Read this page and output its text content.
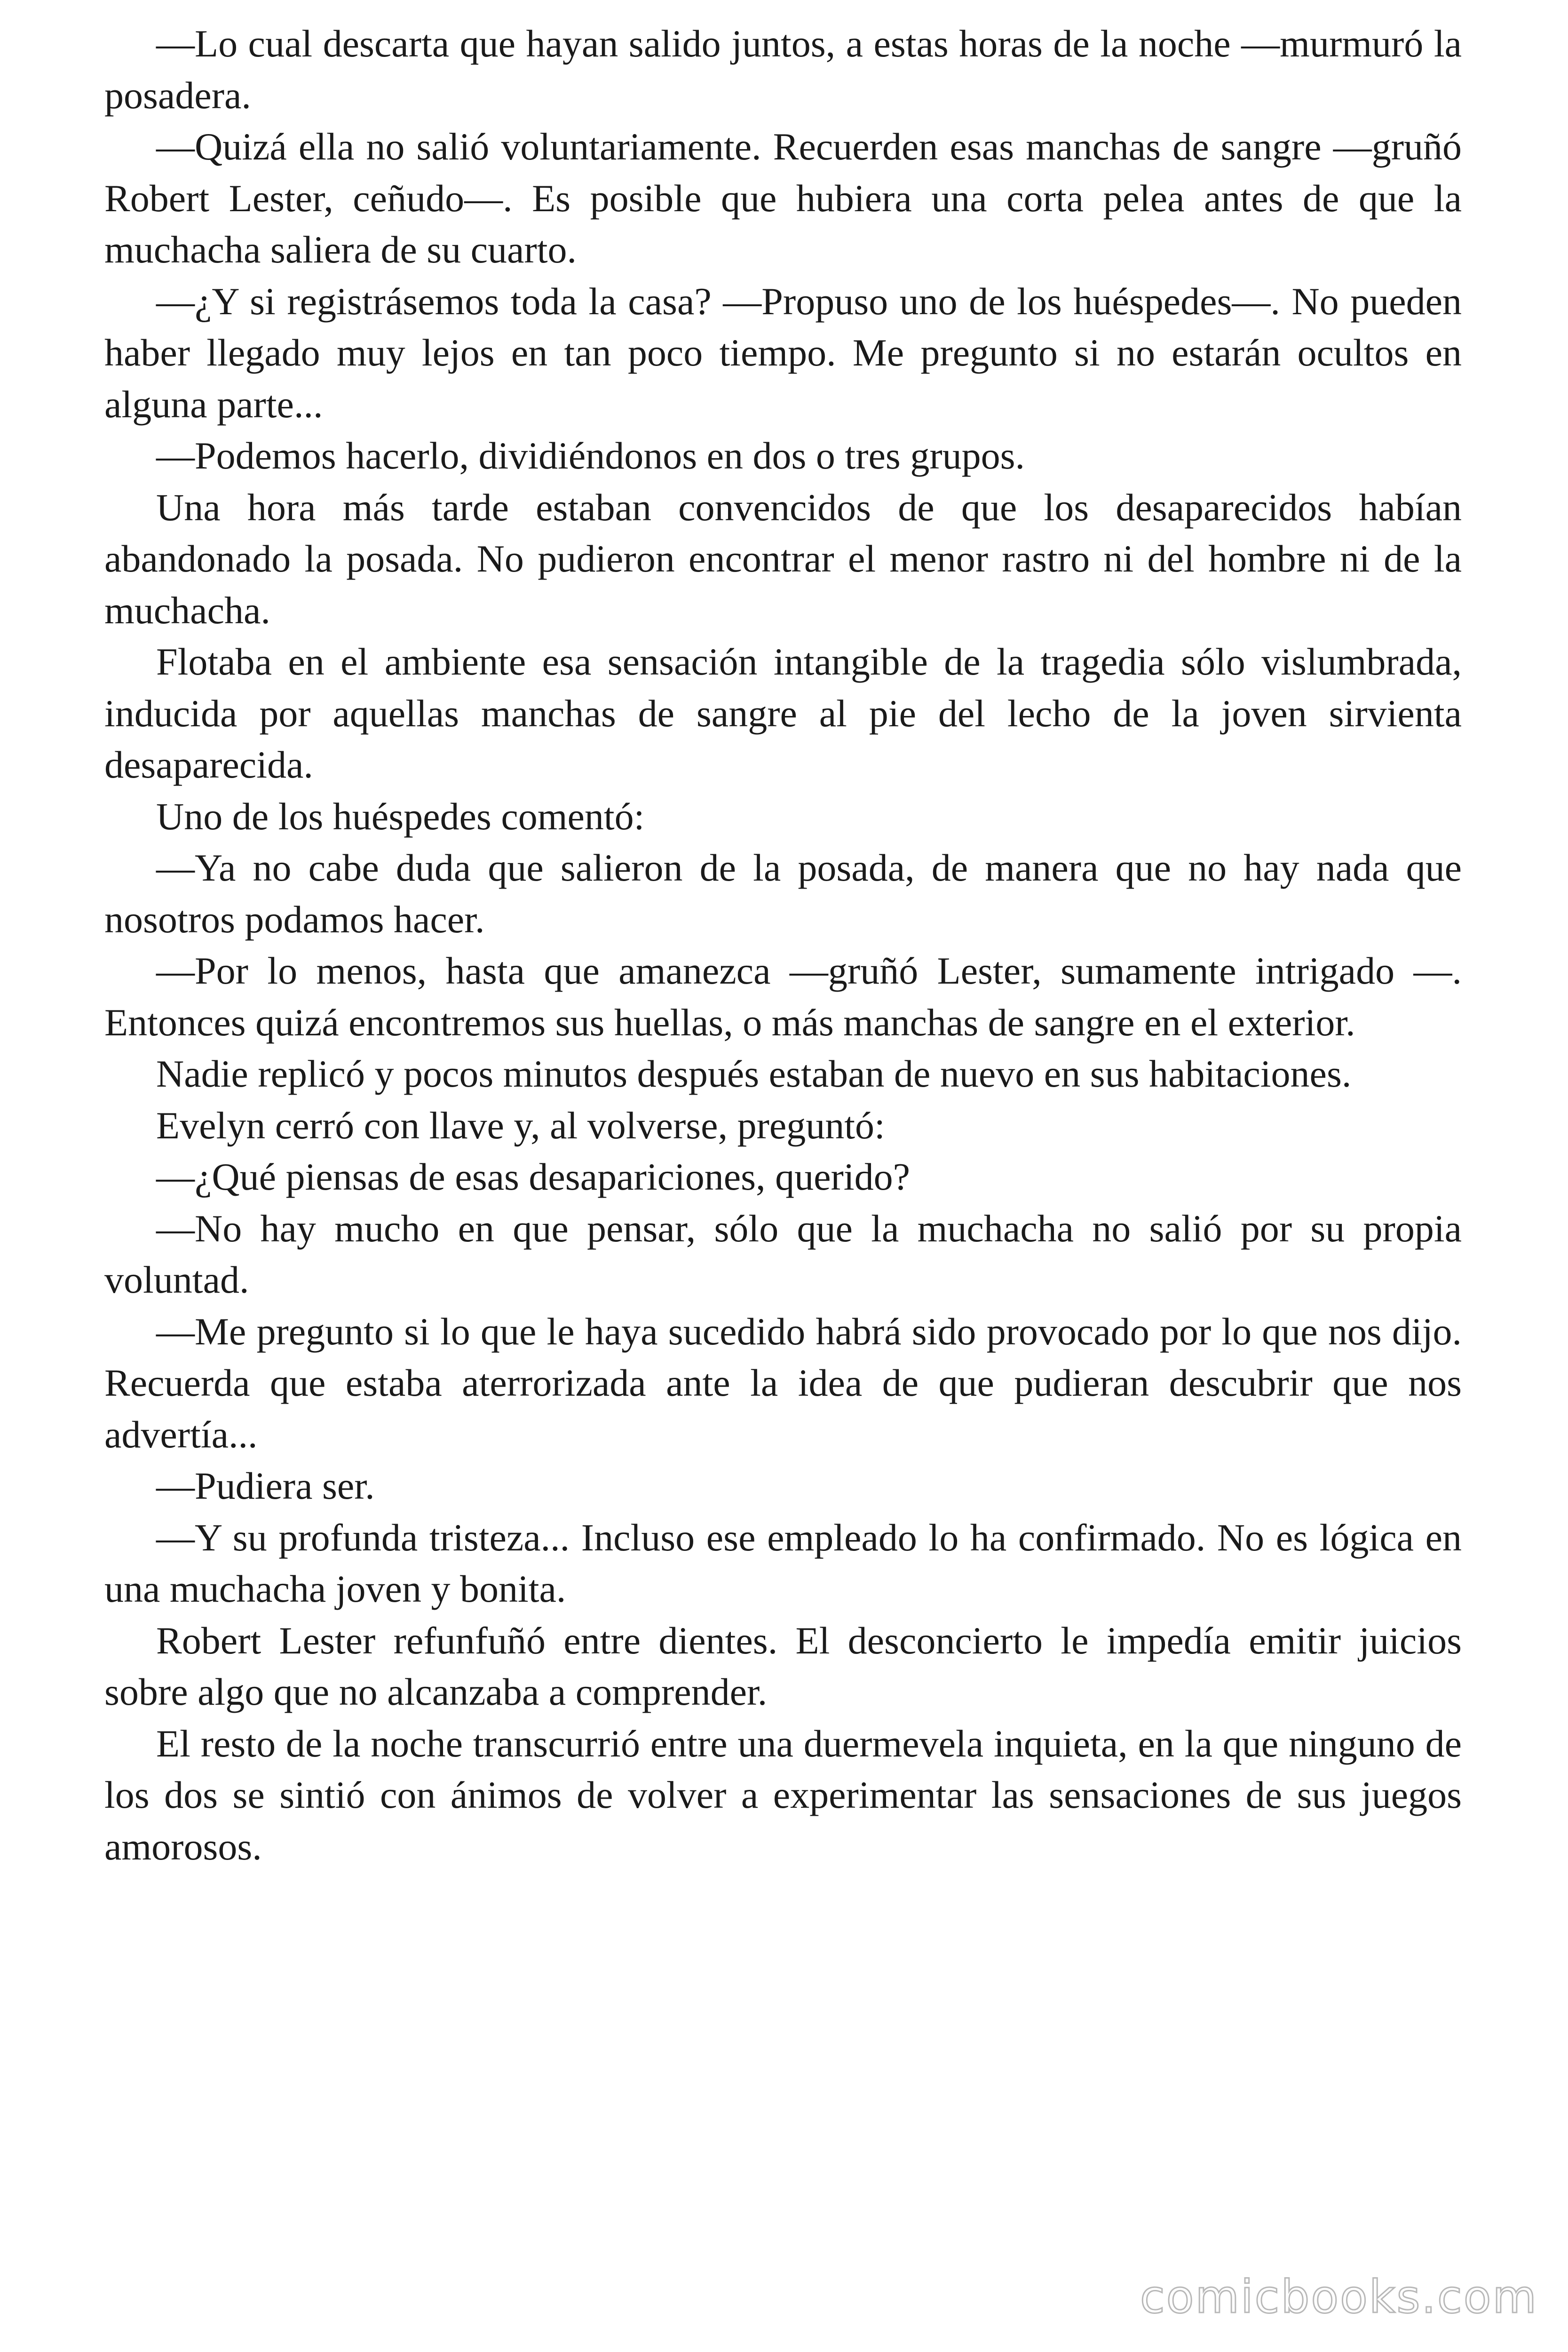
—Lo cual descarta que hayan salido juntos, a estas horas de la noche —murmuró la posadera.

—Quizá ella no salió voluntariamente. Recuerden esas manchas de sangre —gruñó Robert Lester, ceñudo—. Es posible que hubiera una corta pelea antes de que la muchacha saliera de su cuarto.

—¿Y si registrásemos toda la casa? —Propuso uno de los huéspedes—. No pueden haber llegado muy lejos en tan poco tiempo. Me pregunto si no estarán ocultos en alguna parte...

—Podemos hacerlo, dividiéndonos en dos o tres grupos.

Una hora más tarde estaban convencidos de que los desaparecidos habían abandonado la posada. No pudieron encontrar el menor rastro ni del hombre ni de la muchacha.

Flotaba en el ambiente esa sensación intangible de la tragedia sólo vislumbrada, inducida por aquellas manchas de sangre al pie del lecho de la joven sirvienta desaparecida.

Uno de los huéspedes comentó:

—Ya no cabe duda que salieron de la posada, de manera que no hay nada que nosotros podamos hacer.

—Por lo menos, hasta que amanezca —gruñó Lester, sumamente intrigado —. Entonces quizá encontremos sus huellas, o más manchas de sangre en el exterior.

Nadie replicó y pocos minutos después estaban de nuevo en sus habitaciones.

Evelyn cerró con llave y, al volverse, preguntó:

—¿Qué piensas de esas desapariciones, querido?

—No hay mucho en que pensar, sólo que la muchacha no salió por su propia voluntad.

—Me pregunto si lo que le haya sucedido habrá sido provocado por lo que nos dijo. Recuerda que estaba aterrorizada ante la idea de que pudieran descubrir que nos advertía...

—Pudiera ser.

—Y su profunda tristeza... Incluso ese empleado lo ha confirmado. No es lógica en una muchacha joven y bonita.

Robert Lester refunfuñó entre dientes. El desconcierto le impedía emitir juicios sobre algo que no alcanzaba a comprender.

El resto de la noche transcurrió entre una duermevela inquieta, en la que ninguno de los dos se sintió con ánimos de volver a experimentar las sensaciones de sus juegos amorosos.

comicbooks.com
